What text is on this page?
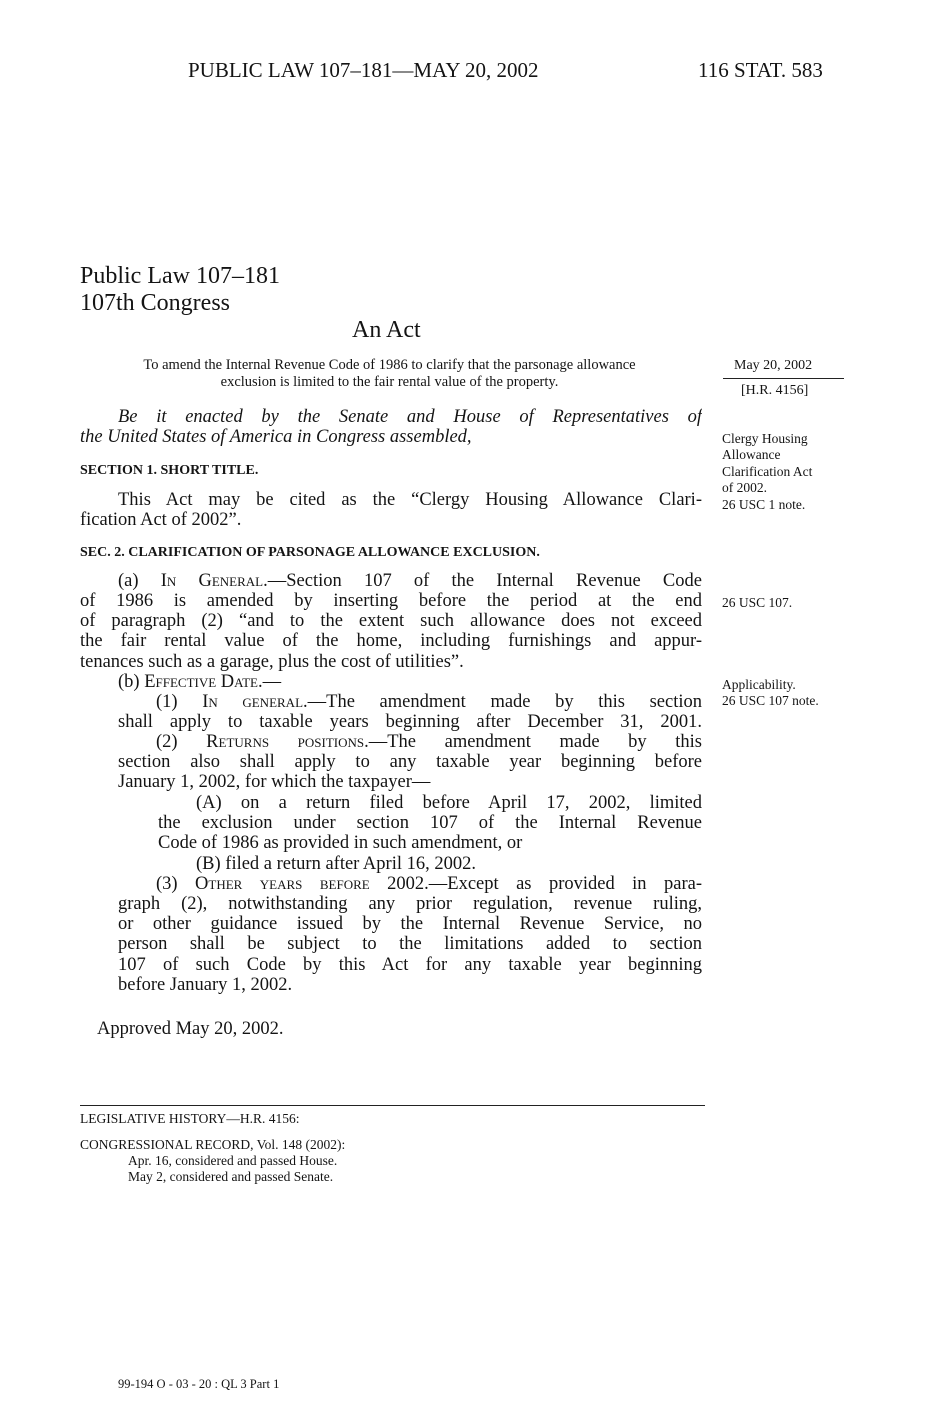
PUBLIC LAW 107–181—MAY 20, 2002	116 STAT. 583
Public Law 107–181
107th Congress
An Act
To amend the Internal Revenue Code of 1986 to clarify that the parsonage allowance
exclusion is limited to the fair rental value of the property.
May 20, 2002
[H.R. 4156]
Be it enacted by the Senate and House of Representatives of
the United States of America in Congress assembled,	Clergy Housing
Allowance
Clarification Act
of 2002.
26 USC 1 note.
SECTION 1. SHORT TITLE.
This Act may be cited as the “Clergy Housing Allowance Clari-
fication Act of 2002”.
SEC. 2. CLARIFICATION OF PARSONAGE ALLOWANCE EXCLUSION.
(a) In General.—Section 107 of the Internal Revenue Code
of 1986 is amended by inserting before the period at the end
of paragraph (2) “and to the extent such allowance does not exceed
the fair rental value of the home, including furnishings and appur-
tenances such as a garage, plus the cost of utilities”.
26 USC 107.
(b) Effective Date.—	Applicability.
26 USC 107 note.
(1) In general.—The amendment made by this section
shall apply to taxable years beginning after December 31, 2001.
(2) Returns positions.—The amendment made by this
section also shall apply to any taxable year beginning before
January 1, 2002, for which the taxpayer—
(A) on a return filed before April 17, 2002, limited
the exclusion under section 107 of the Internal Revenue
Code of 1986 as provided in such amendment, or
(B) filed a return after April 16, 2002.
(3) Other years before 2002.—Except as provided in para-
graph (2), notwithstanding any prior regulation, revenue ruling,
or other guidance issued by the Internal Revenue Service, no
person shall be subject to the limitations added to section
107 of such Code by this Act for any taxable year beginning
before January 1, 2002.
Approved May 20, 2002.
LEGISLATIVE HISTORY—H.R. 4156:
CONGRESSIONAL RECORD, Vol. 148 (2002):
Apr. 16, considered and passed House.
May 2, considered and passed Senate.
99-194 O - 03 - 20 : QL 3 Part 1
